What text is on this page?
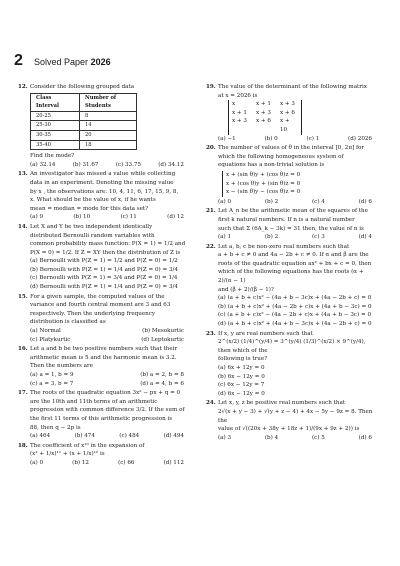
2 Solved Paper 2026
12. Consider the following grouped data
Class Interval	Number of Students
20-25	8
25-30	14
30-35	20
35-40	18
Find the mode?
(a) 32.14	(b) 31.67	(c) 33.75	(d) 34.12
13. An investigator has missed a value while collecting
data in an experiment. Denoting the missing value
by x , the observations are: 10, 4, 11, 6, 17, 15, 9, 8,
x. What should be the value of x, if he wants
mean = median = mode for this data set?
(a) 9	(b) 10	(c) 11	(d) 12
14. Let X and Y be two independent identically
distributed Bernoulli random variables with
common probability mass function: P(X = 1) = 1/2 and
P(X = 0) = 1/2. If Z = XY then the distribution of Z is
(a) Bernoulli with P(Z = 1) = 1/2 and P(Z = 0) = 1/2
(b) Bernoulli with P(Z = 1) = 1/4 and P(Z = 0) = 3/4
(c) Bernoulli with P(Z = 1) = 3/4 and P(Z = 0) = 1/4
(d) Bernoulli with P(Z = 1) = 1/4 and P(Z = 0) = 3/4
15. For a given sample, the computed values of the
variance and fourth central moment are 3 and 63
respectively. Then the underlying frequency
distribution is classified as
(a) Normal	(b) Mesokurtic
(c) Platykurtic	(d) Leptokurtic
16. Let a and b be two positive numbers such that their
arithmetic mean is 5 and the harmonic mean is 3.2.
Then the numbers are
(a) a = 1, b = 9	(b) a = 2, b = 8
(c) a = 3, b = 7	(d) a = 4, b = 6
17. The roots of the quadratic equation 3x² − px + q = 0
are the 10th and 11th terms of an arithmetic
progression with common difference 3/2. If the sum of
the first 11 terms of this arithmetic progression is
88, then q − 2p is
(a) 464	(b) 474	(c) 484	(d) 494
18. The coefficient of x¹⁰ in the expansion of
(x² + 1/x)¹¹ + (x + 1/x)¹² is
(a) 0	(b) 12	(c) 66	(d) 112
19. The value of the determinant of the following matrix
at x = 2026 is
x	x + 1	x + 3
x + 1	x + 3	x + 6
x + 3	x + 6	x + 10
(a) −1	(b) 0	(c) 1	(d) 2026
20. The number of values of θ in the interval [0, 2π] for
which the following homogeneous system of
equations has a non-trivial solution is
x + (sin θ)y + (cos θ)z = 0
x + (cos θ)y + (sin θ)z = 0
x − (sin θ)y − (cos θ)z = 0
(a) 0	(b) 2	(c) 4	(d) 6
21. Let A_n be the arithmetic mean of the squares of the
first k natural numbers. If n is a natural number
such that Σ (6A_k − 3k) = 31 then, the value of n is
(a) 1	(b) 2	(c) 3	(d) 4
22. Let a, b, c be non-zero real numbers such that
a + b + c ≠ 0 and 4a − 2b + c ≠ 0. If α and β are the
roots of the quadratic equation ax² + bx + c = 0, then
which of the following equations has the roots (α + 2)/(α − 1)
and (β + 2)/(β − 1)?
(a) (a + b + c)x² − (4a + b − 3c)x + (4a − 2b + c) = 0
(b) (a + b + c)x² + (4a − 2b + c)x + (4a + b − 3c) = 0
(c) (a + b + c)x² − (4a − 2b + c)x + (4a + b − 3c) = 0
(d) (a + b + c)x² + (4a + b − 3c)x + (4a − 2b + c) = 0
23. If x, y are real numbers such that
2^(x/2) (1/4)^(y/4) = 3^(y/4) (1/3)^(x/2) × 9^(y/4), then which of the
following is true?
(a) 6x + 12y = 0
(b) 6x − 12y = 0
(c) 6x − 12y = 7
(d) 6x − 12y = 0
24. Let x, y, z be positive real numbers such that
2√(x + y − 3) + √(y + z − 4) + 4x − 5y − 9z = 8. Then the
value of √((20x + 38y + 18z + 1)/(9x + 9z + 2)) is
(a) 3	(b) 4	(c) 5	(d) 6
